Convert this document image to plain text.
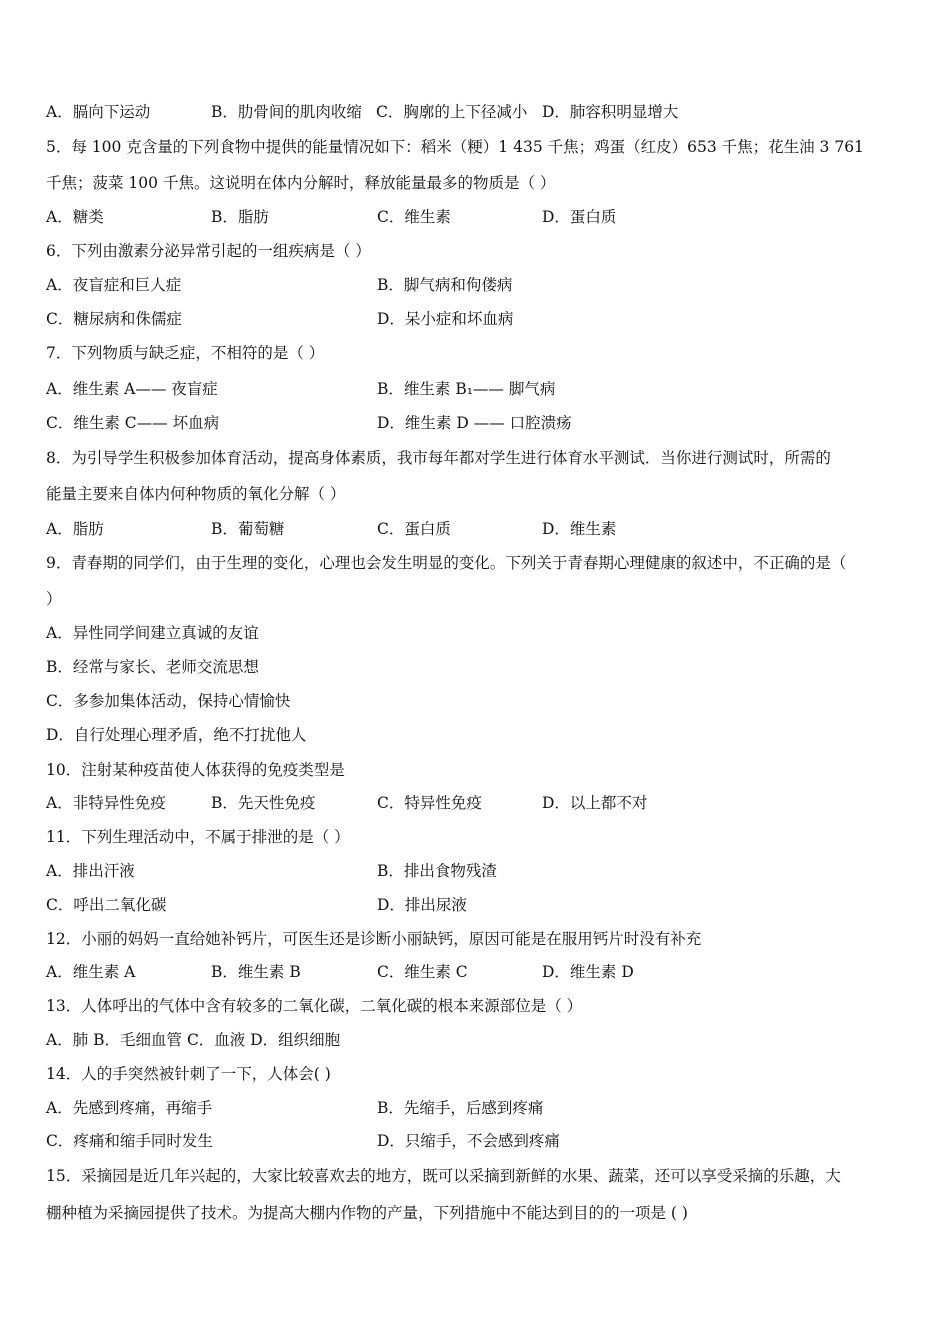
A．膈向下运动	B．肋骨间的肌肉收缩 C．胸廓的上下径减小 D．肺容积明显增大
5．每 100 克含量的下列食物中提供的能量情况如下：稻米（粳）1 435 千焦；鸡蛋（红皮）653 千焦；花生油 3 761
千焦；菠菜 100 千焦。这说明在体内分解时，释放能量最多的物质是（ ）
A．糖类	B．脂肪	C．维生素	D．蛋白质
6．下列由激素分泌异常引起的一组疾病是（ ）
A．夜盲症和巨人症	B．脚气病和佝偻病
C．糖尿病和侏儒症	D．呆小症和坏血病
7．下列物质与缺乏症，不相符的是（ ）
A．维生素 A—— 夜盲症	B．维生素 B₁—— 脚气病
C．维生素 C—— 坏血病	D．维生素 D —— 口腔溃疡
8．为引导学生积极参加体育活动，提高身体素质，我市每年都对学生进行体育水平测试．当你进行测试时，所需的
能量主要来自体内何种物质的氧化分解（ ）
A．脂肪	B．葡萄糖	C．蛋白质	D．维生素
9．青春期的同学们，由于生理的变化，心理也会发生明显的变化。下列关于青春期心理健康的叙述中，不正确的是（
）
A．异性同学间建立真诚的友谊
B．经常与家长、老师交流思想
C．多参加集体活动，保持心情愉快
D．自行处理心理矛盾，绝不打扰他人
10．注射某种疫苗使人体获得的免疫类型是
A．非特异性免疫	B．先天性免疫	C．特异性免疫	D．以上都不对
11．下列生理活动中，不属于排泄的是（ ）
A．排出汗液	B．排出食物残渣
C．呼出二氧化碳	D．排出尿液
12．小丽的妈妈一直给她补钙片，可医生还是诊断小丽缺钙，原因可能是在服用钙片时没有补充
A．维生素 A	B．维生素 B	C．维生素 C	D．维生素 D
13．人体呼出的气体中含有较多的二氧化碳，二氧化碳的根本来源部位是（ ）
A．肺 B．毛细血管 C．血液 D．组织细胞
14．人的手突然被针刺了一下，人体会( )
A．先感到疼痛，再缩手	B．先缩手，后感到疼痛
C．疼痛和缩手同时发生	D．只缩手，不会感到疼痛
15．采摘园是近几年兴起的，大家比较喜欢去的地方，既可以采摘到新鲜的水果、蔬菜，还可以享受采摘的乐趣，大
棚种植为采摘园提供了技术。为提高大棚内作物的产量，下列措施中不能达到目的的一项是 ( )
